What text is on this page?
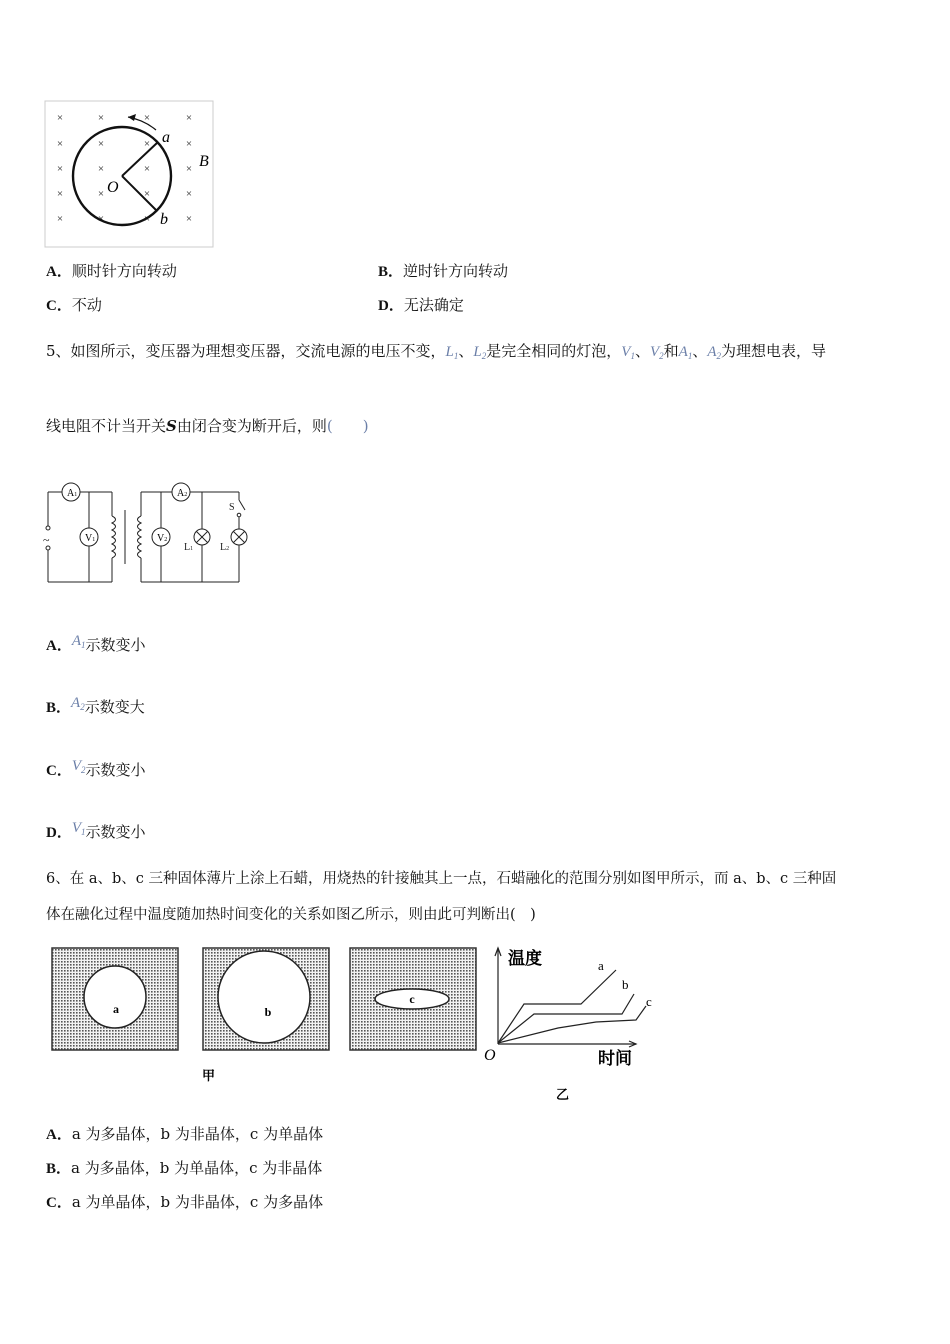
×	×	×	×
×	×	×	×
×	×	×	×
×	×	×	×
×	×	×	×
a
b
O
B
A．顺时针方向转动	B．逆时针方向转动
C．不动	D．无法确定
5、如图所示，变压器为理想变压器，交流电源的电压不变，$L_1$、$L_2$是完全相同的灯泡，$V_1$、$V_2$和$A_1$、$A_2$为理想电表，导
线电阻不计当开关S由闭合变为断开后，则(　　)
A1
V1
A2
V2
~
L1	L2
S
A．$A_1$示数变小
B．$A_2$示数变大
C．$V_2$示数变小
D．$V_1$示数变小
6、在 a、b、c 三种固体薄片上涂上石蜡，用烧热的针接触其上一点，石蜡融化的范围分别如图甲所示，而 a、b、c 三种固
体在融化过程中温度随加热时间变化的关系如图乙所示，则由此可判断出(　)
a	b
c
甲
温度
时间
O
a
b
c
乙
A．a 为多晶体，b 为非晶体，c 为单晶体
B．a 为多晶体，b 为单晶体，c 为非晶体
C．a 为单晶体，b 为非晶体，c 为多晶体
